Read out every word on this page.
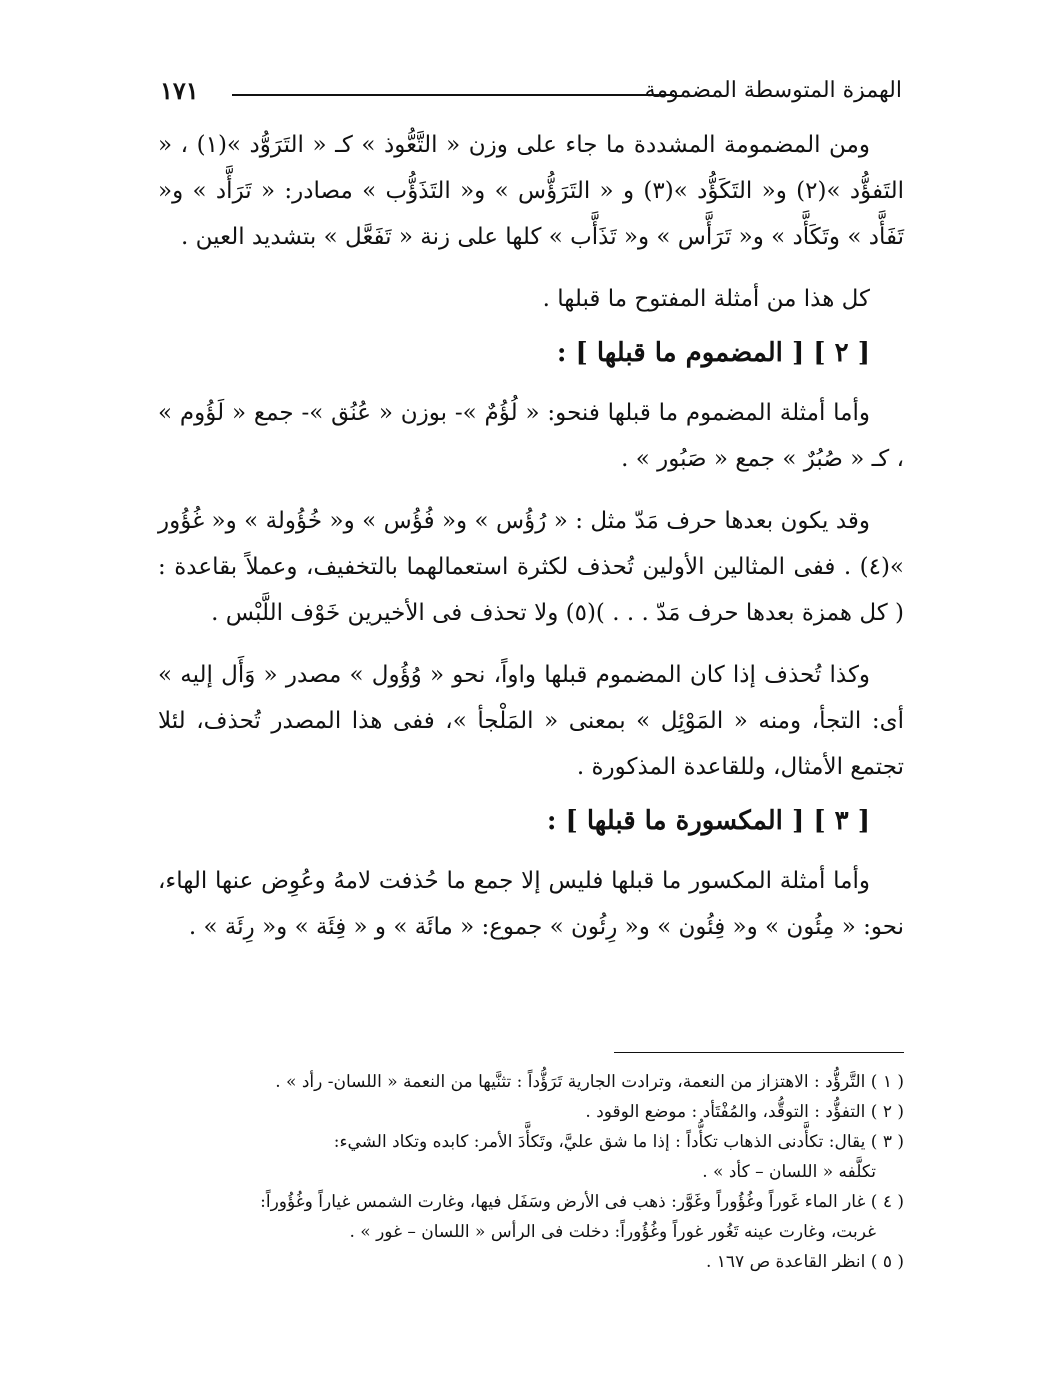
الهمزة المتوسطة المضمومة
١٧١

ومن المضمومة المشددة ما جاء على وزن « التَّعُّوذ » كـ « التَرَوُّد »(١) ، « التَفؤُّد »(٢) و« التَكَؤُّد »(٣) و « التَرَؤُّس » و« التَذَؤُّب » مصادر: « تَرَأَّد » و« تَفَأَّد » وتَكَأَّد » و« تَرَأَّس » و« تَذَأَّب » كلها على زنة « تَفَعَّل » بتشديد العين .

كل هذا من أمثلة المفتوح ما قبلها .

[ ٢ ] [ المضموم ما قبلها ] :

وأما أمثلة المضموم ما قبلها فنحو: « لُؤُمٌ »- بوزن « عُنُق »- جمع « لَؤُوم » ، كـ « صُبُرٌ » جمع « صَبُور » .

وقد يكون بعدها حرف مَدّ مثل : « رُؤُس » و« فُؤُس » و« خُؤُولة » و« غُؤُور »(٤) . ففى المثالين الأولين تُحذف لكثرة استعمالهما بالتخفيف، وعملاً بقاعدة : ( كل همزة بعدها حرف مَدّ . . . )(٥) ولا تحذف فى الأخيرين خَوْف اللَّبْس .

وكذا تُحذف إذا كان المضموم قبلها واواً، نحو « وُؤُول » مصدر « وَأَل إليه » أى: التجأ، ومنه « المَوْئِل » بمعنى « المَلْجأ »، ففى هذا المصدر تُحذف، لئلا تجتمع الأمثال، وللقاعدة المذكورة .

[ ٣ ] [ المكسورة ما قبلها ] :

وأما أمثلة المكسور ما قبلها فليس إلا جمع ما حُذفت لامهُ وعُوِض عنها الهاء، نحو: « مِئُون » و« فِئُون » و« رِئُون » جموع: « مائَة » و « فِئَة » و« رِئَة » .

( ١ ) التَّرؤُّد : الاهتزاز من النعمة، وترادت الجارية تَرَؤُّداً : تثنَّيها من النعمة « اللسان- رأد » .

( ٢ ) التفؤُّد : التوقُّد، والمُفْتَأد : موضع الوقود .

( ٣ ) يقال: تكأَّدنى الذهاب تكأُّداً : إذا ما شق عليَّ، وتَكأَّدَ الأمر: كابده وتكاد الشيء:
تكلَّفه « اللسان – كأد » .

( ٤ ) غار الماء غَوراً وغُؤُوراً وغَوَّر: ذهب فى الأرض وسَفَل فيها، وغارت الشمس غياراً وغُؤُوراً:
غربت، وغارت عينه تَغُور غوراً وغُؤُوراً: دخلت فى الرأس « اللسان – غور » .

( ٥ ) انظر القاعدة ص ١٦٧ .
